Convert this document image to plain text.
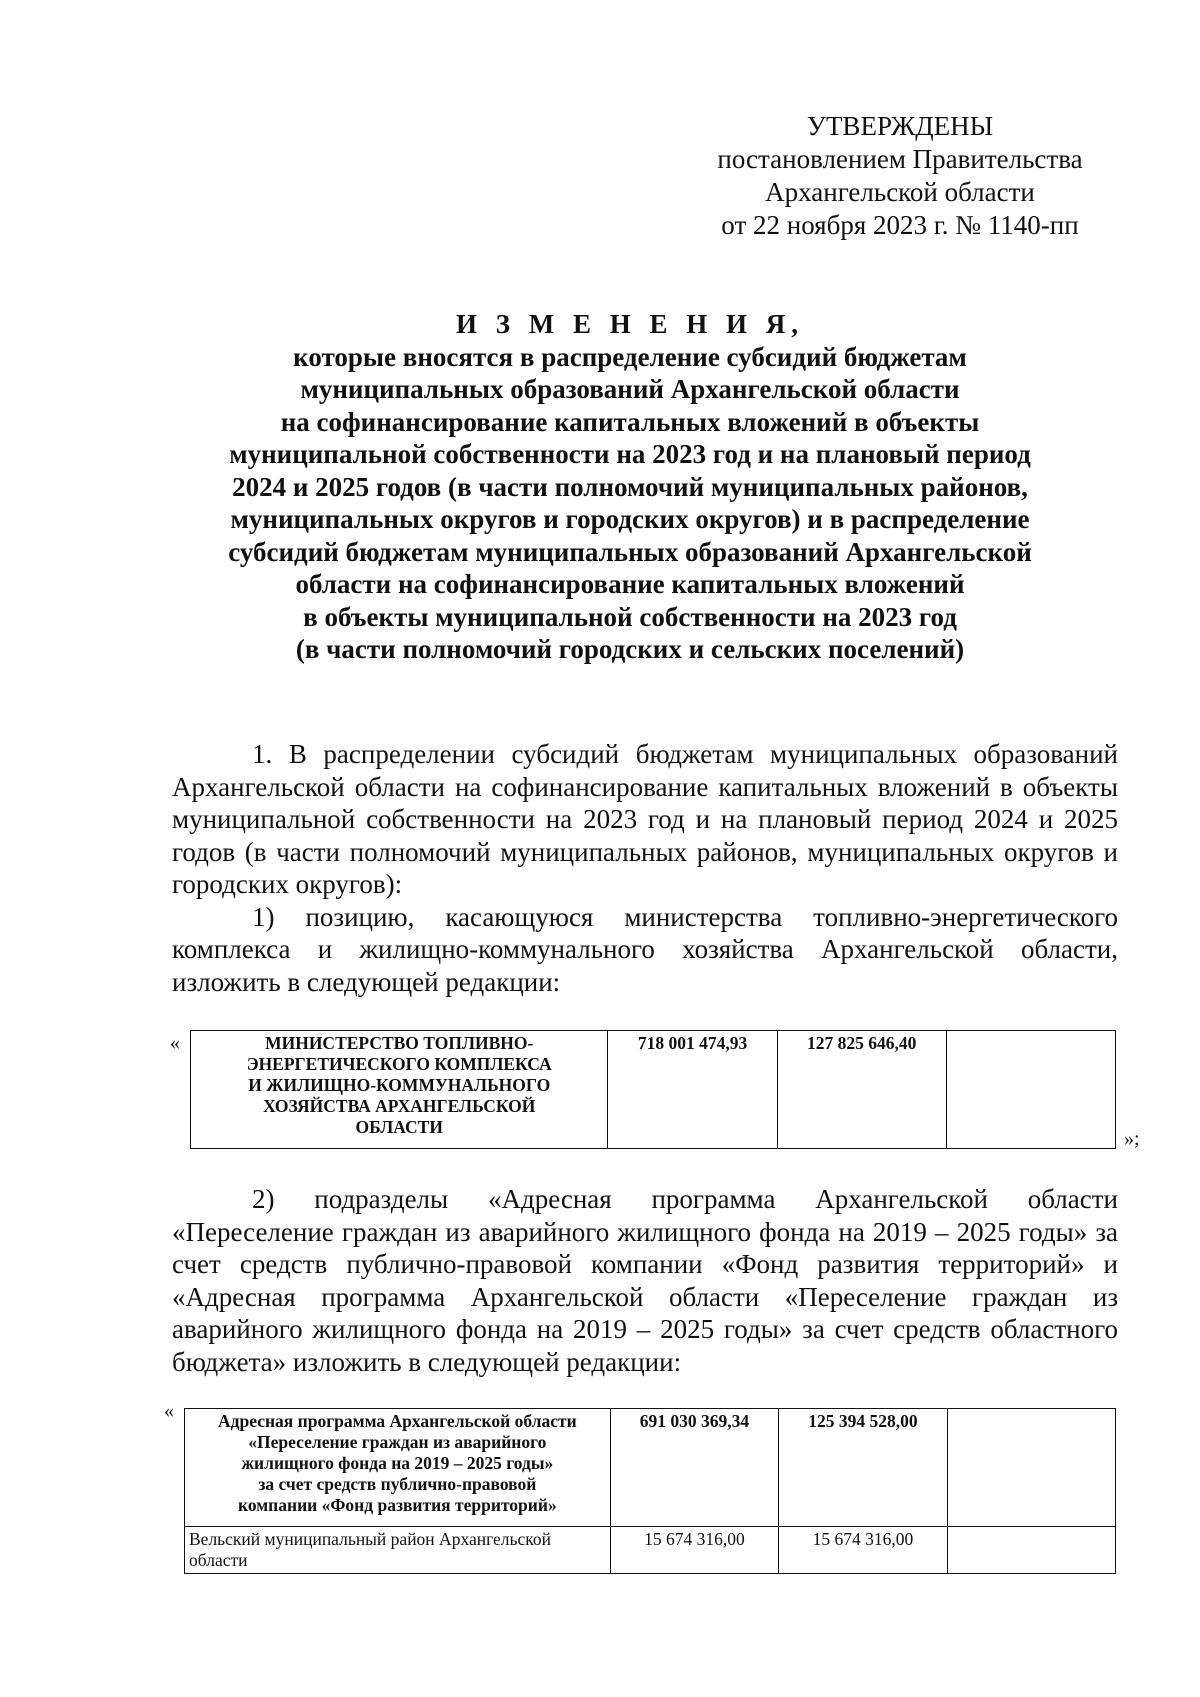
УТВЕРЖДЕНЫ
постановлением Правительства
Архангельской области
от 22 ноября 2023 г. № 1140-пп
И З М Е Н Е Н И Я,
которые вносятся в распределение субсидий бюджетам
муниципальных образований Архангельской области
на софинансирование капитальных вложений в объекты
муниципальной собственности на 2023 год и на плановый период
2024 и 2025 годов (в части полномочий муниципальных районов,
муниципальных округов и городских округов) и в распределение
субсидий бюджетам муниципальных образований Архангельской
области на софинансирование капитальных вложений
в объекты муниципальной собственности на 2023 год
(в части полномочий городских и сельских поселений)

1. В распределении субсидий бюджетам муниципальных образований Архангельской области на софинансирование капитальных вложений в объекты муниципальной собственности на 2023 год и на плановый период 2024 и 2025 годов (в части полномочий муниципальных районов, муниципальных округов и городских округов):

1) позицию, касающуюся министерства топливно-энергетического комплекса и жилищно-коммунального хозяйства Архангельской области, изложить в следующей редакции:

«	МИНИСТЕРСТВО ТОПЛИВНО-
ЭНЕРГЕТИЧЕСКОГО КОМПЛЕКСА
И ЖИЛИЩНО-КОММУНАЛЬНОГО
ХОЗЯЙСТВА АРХАНГЕЛЬСКОЙ
ОБЛАСТИ
	718 001 474,93	127 825 646,40	
»;

2) подразделы «Адресная программа Архангельской области «Переселение граждан из аварийного жилищного фонда на 2019 – 2025 годы» за счет средств публично-правовой компании «Фонд развития территорий» и «Адресная программа Архангельской области «Переселение граждан из аварийного жилищного фонда на 2019 – 2025 годы» за счет средств областного бюджета» изложить в следующей редакции:

«	Адресная программа Архангельской области
«Переселение граждан из аварийного
жилищного фонда на 2019 – 2025 годы»
за счет средств публично-правовой
компании «Фонд развития территорий»	691 030 369,34	125 394 528,00	

Вельский муниципальный район Архангельской
области	15 674 316,00	15 674 316,00	
